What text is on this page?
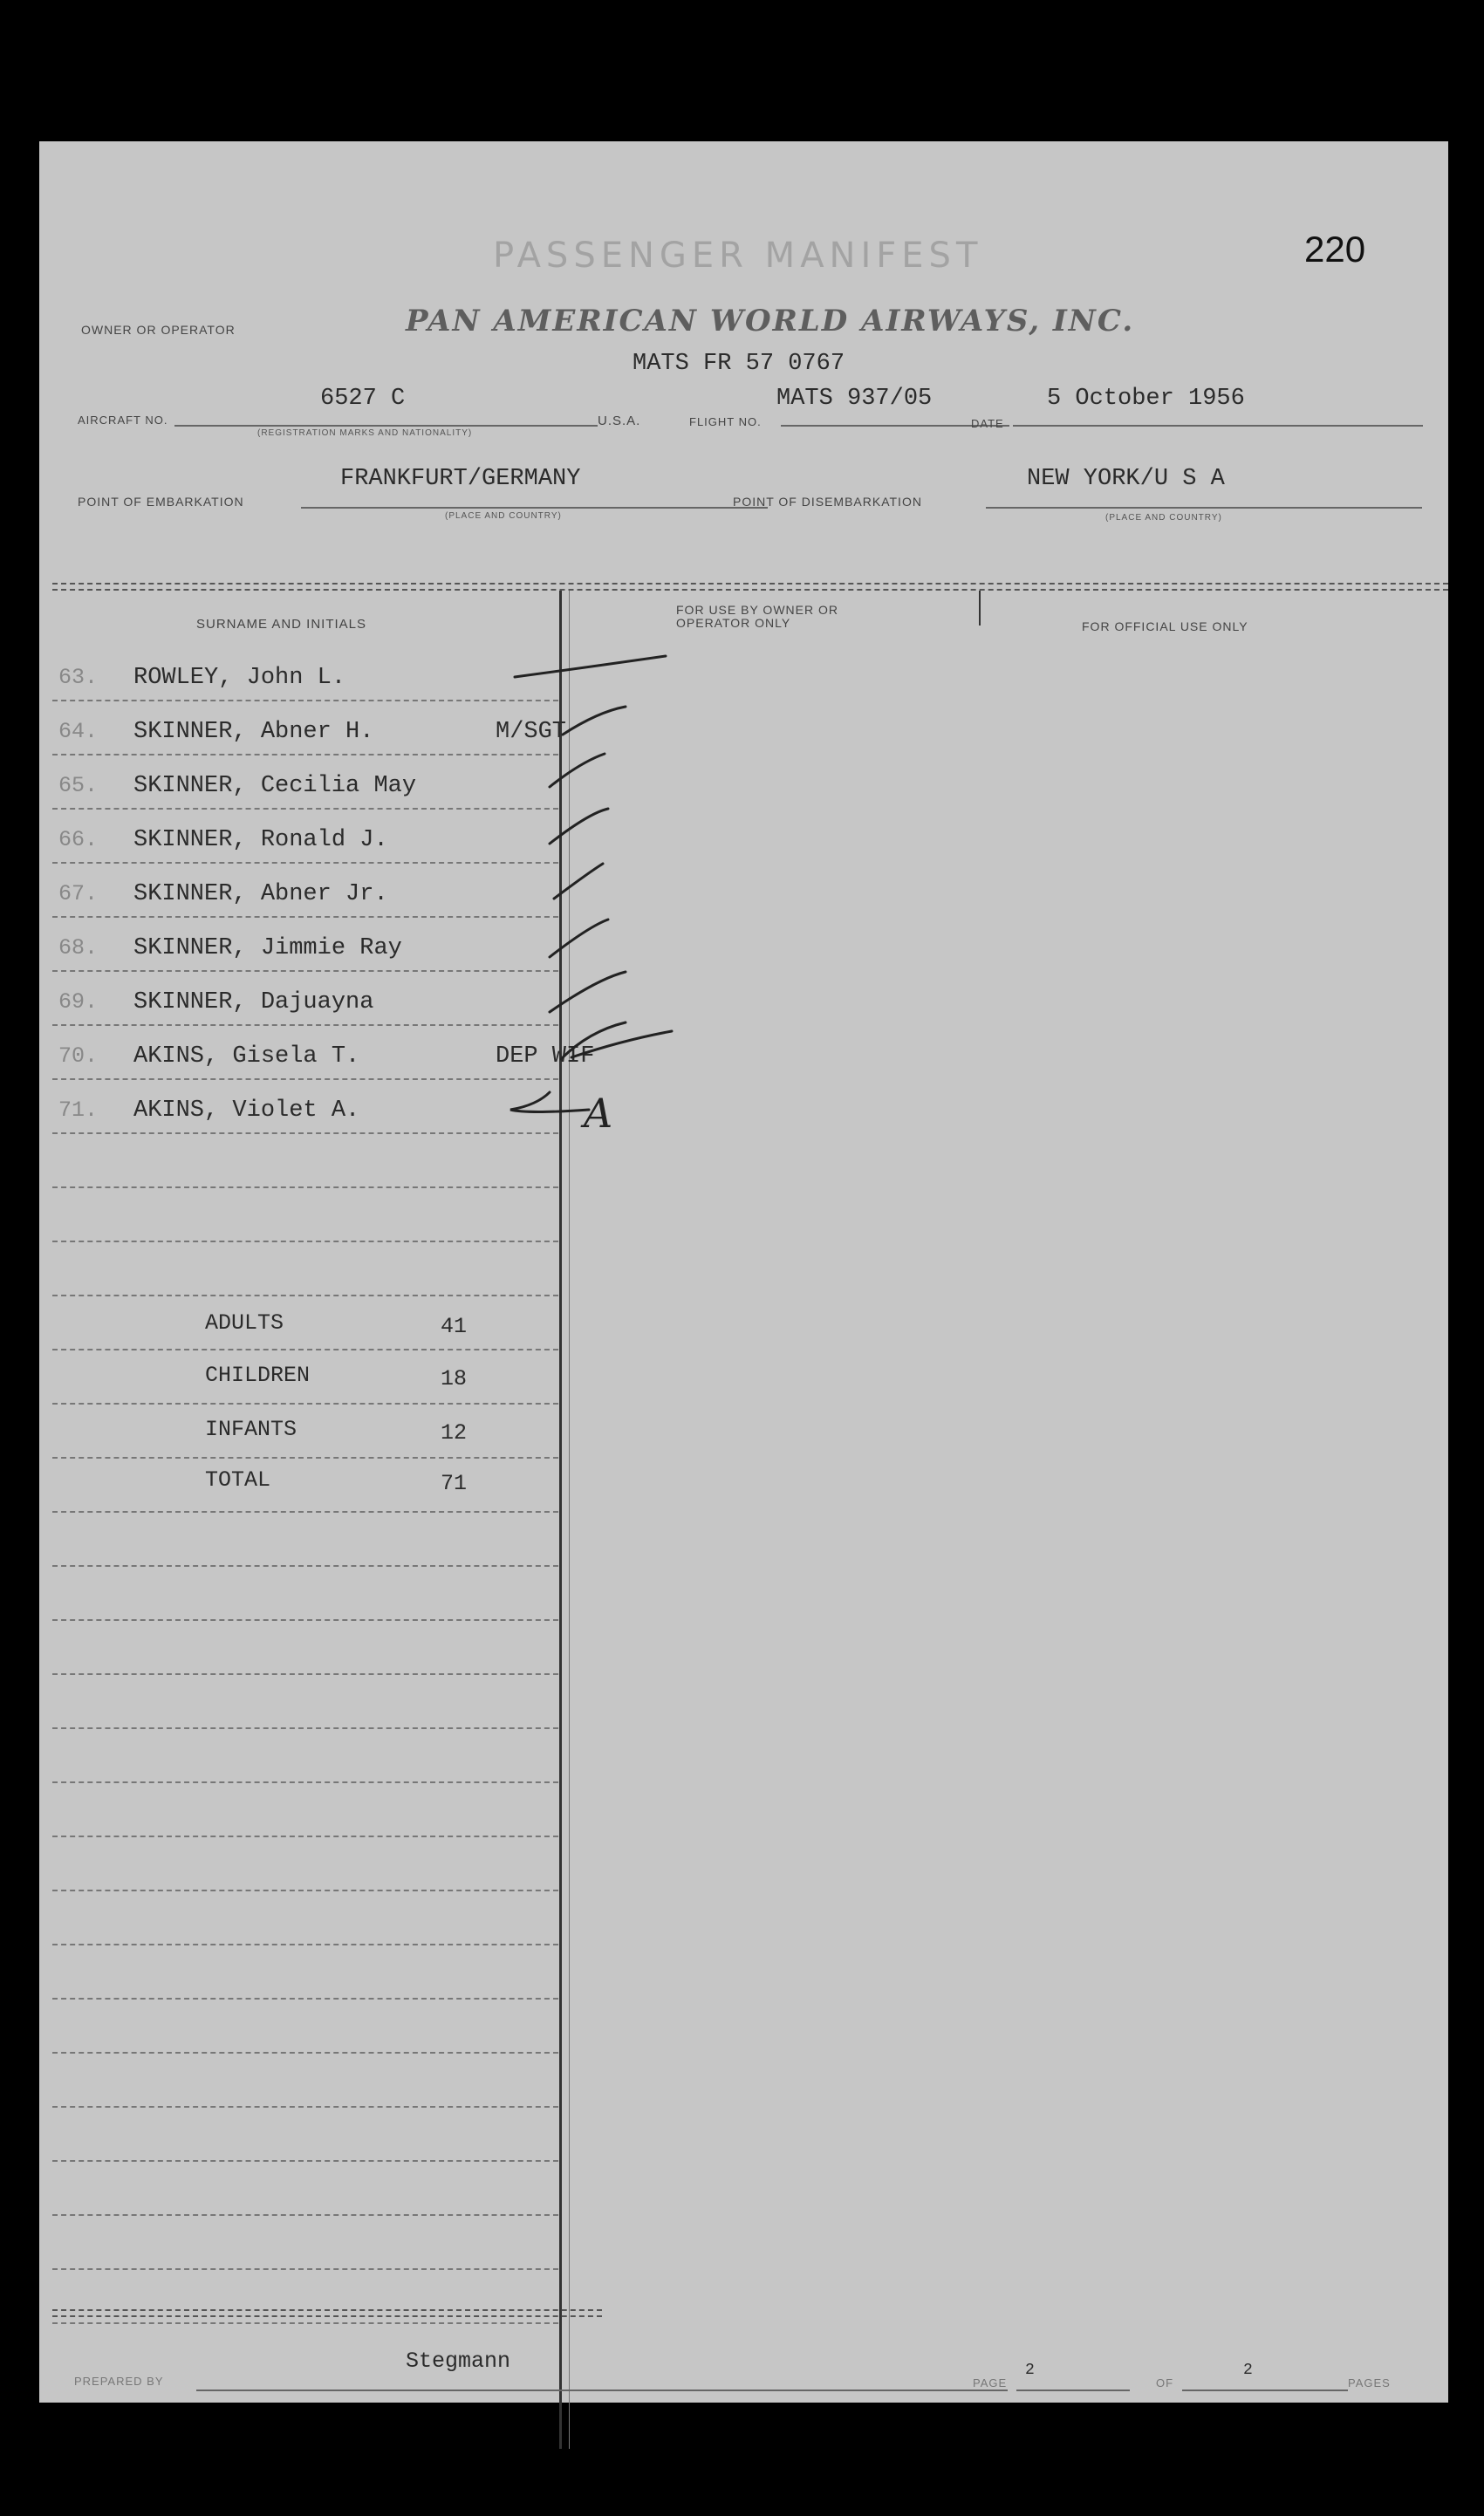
PASSENGER MANIFEST	220
OWNER OR OPERATOR	PAN AMERICAN WORLD AIRWAYS, INC.
MATS FR 57 0767
AIRCRAFT NO.
6527 C
(REGISTRATION MARKS AND NATIONALITY)
U.S.A.	FLIGHT NO.
MATS 937/05
DATE
5 October 1956
POINT OF EMBARKATION
FRANKFURT/GERMANY
(PLACE AND COUNTRY)
POINT OF DISEMBARKATION
NEW YORK/U S A
(PLACE AND COUNTRY)
SURNAME AND INITIALS
FOR USE BY OWNER OR OPERATOR ONLY	FOR OFFICIAL USE ONLY
63. ROWLEY, John L.
64. SKINNER, Abner H.	M/SGT
65. SKINNER, Cecilia May
66. SKINNER, Ronald J.
67. SKINNER, Abner Jr.
68. SKINNER, Jimmie Ray
69. SKINNER, Dajuayna
70. AKINS, Gisela T.	DEP WIF
71. AKINS, Violet A.
ADULTS	41
CHILDREN	18
INFANTS	12
TOTAL	71
PREPARED BY
Stegmann
PAGE
2
OF
2
PAGES
A
